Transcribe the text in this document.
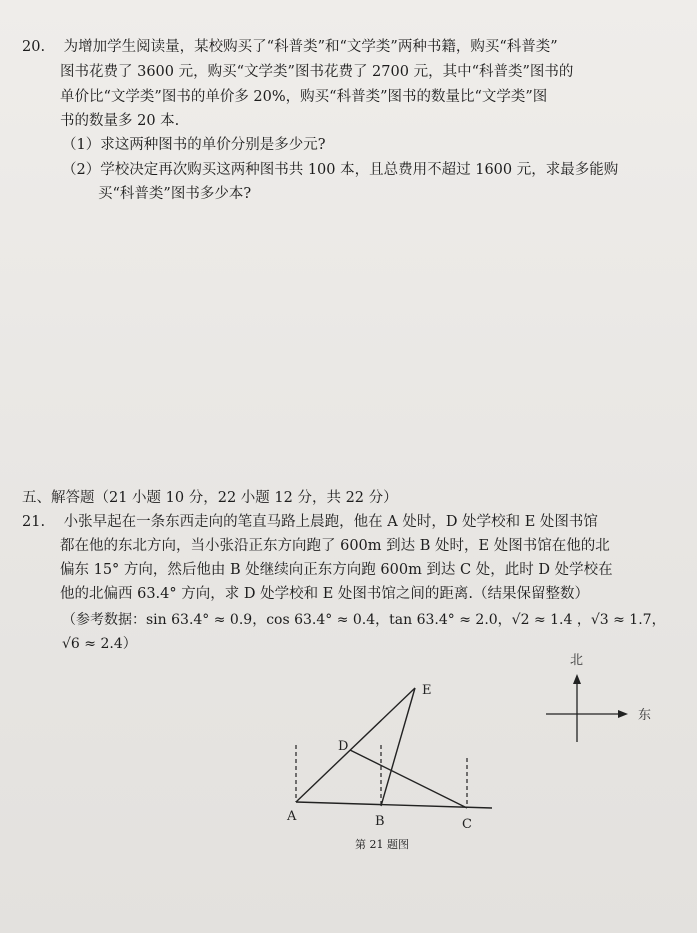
20. 为增加学生阅读量，某校购买了“科普类”和“文学类”两种书籍，购买“科普类”
图书花费了 3600 元，购买“文学类”图书花费了 2700 元，其中“科普类”图书的
单价比“文学类”图书的单价多 20%，购买“科普类”图书的数量比“文学类”图
书的数量多 20 本.
（1）求这两种图书的单价分别是多少元?
（2）学校决定再次购买这两种图书共 100 本，且总费用不超过 1600 元，求最多能购
买“科普类”图书多少本?
五、解答题（21 小题 10 分，22 小题 12 分，共 22 分）
21. 小张早起在一条东西走向的笔直马路上晨跑，他在 A 处时，D 处学校和 E 处图书馆
都在他的东北方向，当小张沿正东方向跑了 600m 到达 B 处时，E 处图书馆在他的北
偏东 15° 方向，然后他由 B 处继续向正东方向跑 600m 到达 C 处，此时 D 处学校在
他的北偏西 63.4° 方向，求 D 处学校和 E 处图书馆之间的距离.（结果保留整数）
（参考数据：sin 63.4° ≈ 0.9，cos 63.4° ≈ 0.4，tan 63.4° ≈ 2.0，√2 ≈ 1.4 ，√3 ≈ 1.7，
√6 ≈ 2.4）
A	B	C
D
E
北
东
第 21 题图
